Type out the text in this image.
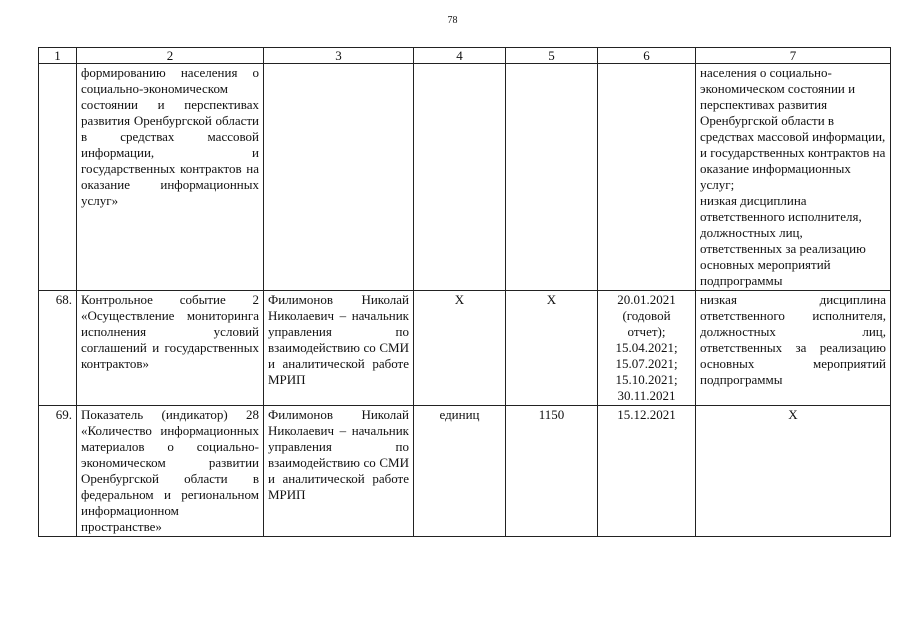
78
1	2	3	4	5	6	7
	формированию населения о социально-экономическом состоянии и перспективах развития Оренбургской области в средствах массовой информации, и государственных контрактов на оказание информационных услуг»					населения о социально-экономическом состоянии и перспективах развития Оренбургской области в средствах массовой информации, и государственных контрактов на оказание информационных услуг;
низкая дисциплина ответственного исполнителя, должностных лиц, ответственных за реализацию основных мероприятий подпрограммы
68.	Контрольное событие 2 «Осуществление мониторинга исполнения условий соглашений и государственных контрактов»	Филимонов Николай Николаевич – начальник управления по взаимодействию со СМИ и аналитической работе МРИП	Х	Х	20.01.2021 (годовой отчет);
15.04.2021;
15.07.2021;
15.10.2021;
30.11.2021	низкая дисциплина ответственного исполнителя, должностных лиц, ответственных за реализацию основных мероприятий подпрограммы
69.	Показатель (индикатор) 28 «Количество информационных материалов о социально-экономическом развитии Оренбургской области в федеральном и региональном информационном пространстве»	Филимонов Николай Николаевич – начальник управления по взаимодействию со СМИ и аналитической работе МРИП	единиц	1150	15.12.2021	Х
